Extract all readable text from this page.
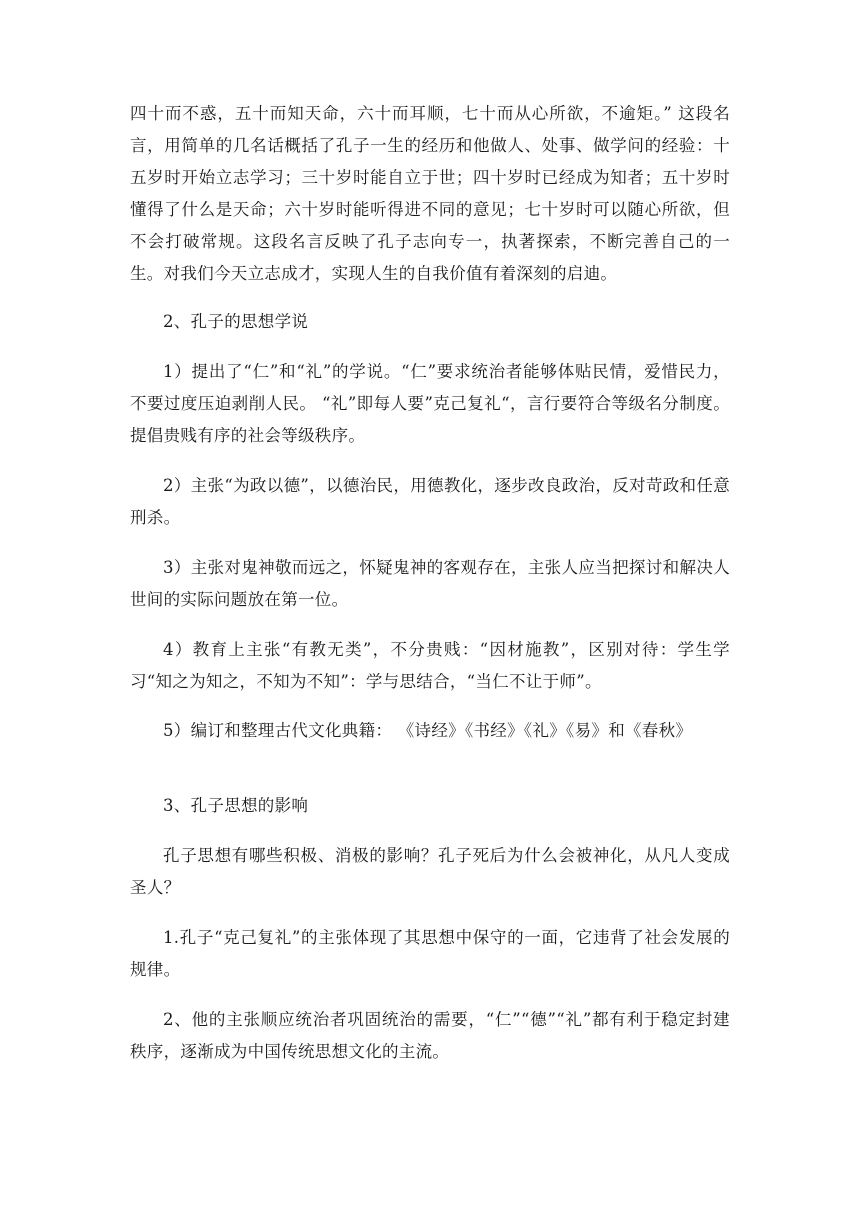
四十而不惑，五十而知天命，六十而耳顺，七十而从心所欲，不逾矩。” 这段名言，用简单的几名话概括了孔子一生的经历和他做人、处事、做学问的经验：十五岁时开始立志学习；三十岁时能自立于世；四十岁时已经成为知者；五十岁时懂得了什么是天命；六十岁时能听得进不同的意见；七十岁时可以随心所欲，但不会打破常规。这段名言反映了孔子志向专一，执著探索，不断完善自己的一生。对我们今天立志成才，实现人生的自我价值有着深刻的启迪。

2、孔子的思想学说

1）提出了“仁”和“礼”的学说。“仁”要求统治者能够体贴民情，爱惜民力，不要过度压迫剥削人民。 “礼”即每人要”克己复礼“，言行要符合等级名分制度。提倡贵贱有序的社会等级秩序。

2）主张“为政以德”，以德治民，用德教化，逐步改良政治，反对苛政和任意刑杀。

3）主张对鬼神敬而远之，怀疑鬼神的客观存在，主张人应当把探讨和解决人世间的实际问题放在第一位。

4）教育上主张“有教无类”，不分贵贱：“因材施教”，区别对待：学生学习“知之为知之，不知为不知”：学与思结合，“当仁不让于师”。

5）编订和整理古代文化典籍： 《诗经》《书经》《礼》《易》和《春秋》

3、孔子思想的影响

孔子思想有哪些积极、消极的影响？孔子死后为什么会被神化，从凡人变成圣人？

1.孔子“克己复礼”的主张体现了其思想中保守的一面，它违背了社会发展的规律。

2、他的主张顺应统治者巩固统治的需要，“仁”“德”“礼”都有利于稳定封建秩序，逐渐成为中国传统思想文化的主流。
